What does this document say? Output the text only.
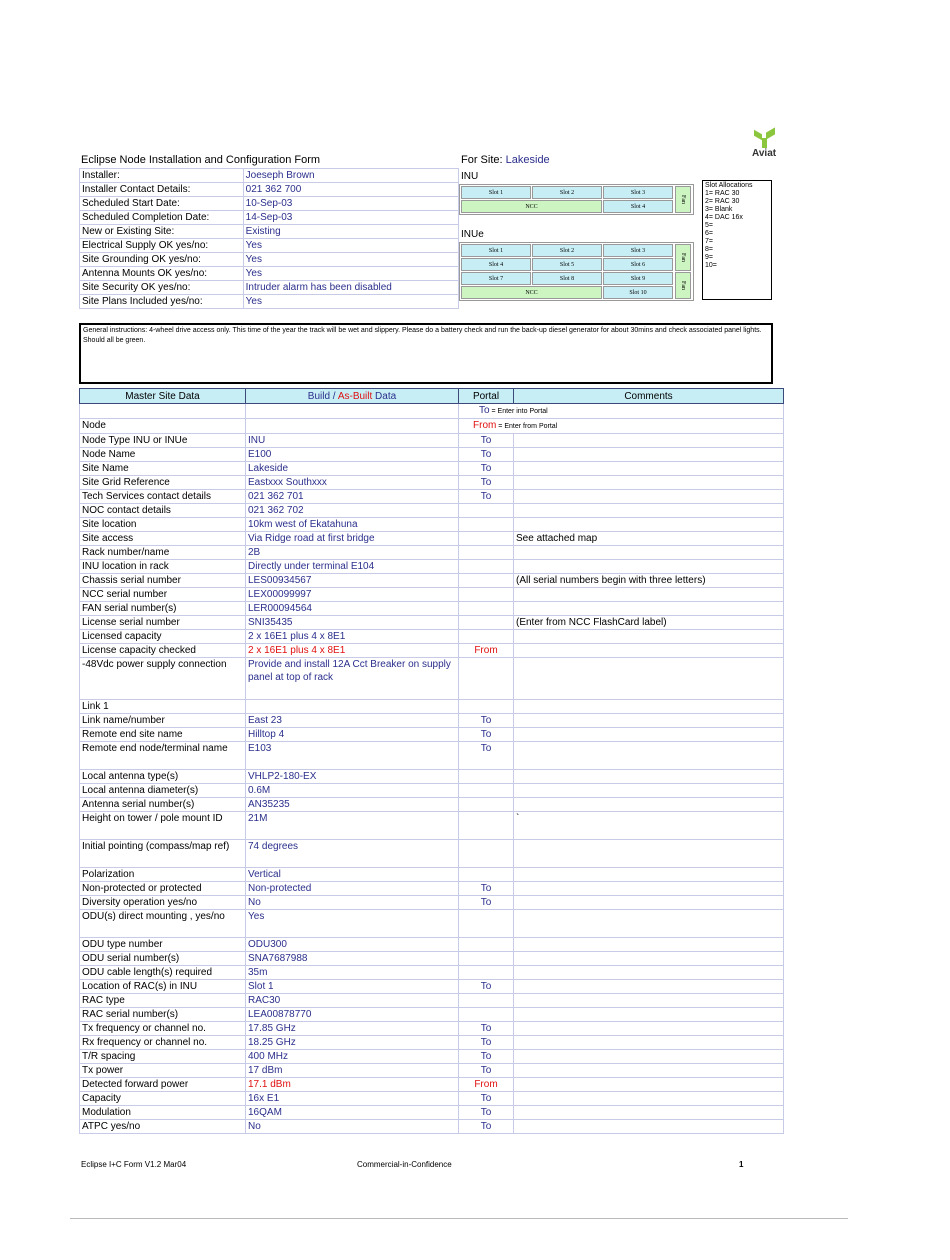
Aviat
Eclipse Node Installation and Configuration Form	For Site: Lakeside
Installer:	Joeseph Brown
Installer Contact Details:	021 362 700
Scheduled Start Date:	10-Sep-03
Scheduled Completion Date:	14-Sep-03
New or Existing Site:	Existing
Electrical Supply OK yes/no:	Yes
Site Grounding OK yes/no:	Yes
Antenna Mounts OK yes/no:	Yes
Site Security OK yes/no:	Intruder alarm has been disabled
Site Plans Included yes/no:	Yes
INU
Slot 1	Slot 2	Slot 3
NCC	Slot 4
Fan
INUe
Slot 1	Slot 2	Slot 3
Slot 4	Slot 5	Slot 6
Slot 7	Slot 8	Slot 9
NCC	Slot 10
Fan
Fan
Slot Allocations
1= RAC 30
2= RAC 30
3= Blank
4= DAC 16x
5=
6=
7=
8=
9=
10=
General instructions: 4-wheel drive access only. This time of the year the track will be wet and slippery. Please do a battery check and run the back-up diesel generator for about 30mins and check associated panel lights. Should all be green.
Master Site Data	Build / As-Built Data	Portal	Comments
		To = Enter into Portal	
Node		From = Enter from Portal	
Node Type INU or INUe	INU	To	
Node Name	E100	To	
Site Name	Lakeside	To	
Site Grid Reference	Eastxxx Southxxx	To	
Tech Services contact details	021 362 701	To	
NOC contact details	021 362 702		
Site location	10km west of Ekatahuna		
Site access	Via Ridge road at first bridge		See attached map
Rack number/name	2B		
INU location in rack	Directly under terminal E104		
Chassis serial number	LES00934567		(All serial numbers begin with three letters)
NCC serial number	LEX00099997		
FAN serial number(s)	LER00094564		
License serial number	SNI35435		(Enter from NCC FlashCard label)
Licensed capacity	2 x 16E1 plus 4 x 8E1		
License capacity checked	2 x 16E1 plus 4 x 8E1	From	
-48Vdc power supply connection	Provide and install 12A Cct Breaker on supply panel at top of rack		
Link 1			
Link name/number	East 23	To	
Remote end site name	Hilltop 4	To	
Remote end node/terminal name	E103	To	
Local antenna type(s)	VHLP2-180-EX		
Local antenna diameter(s)	0.6M		
Antenna serial number(s)	AN35235		
Height on tower / pole mount ID	21M		`
Initial pointing (compass/map ref)	74 degrees		
Polarization	Vertical		
Non-protected or protected	Non-protected	To	
Diversity operation yes/no	No	To	
ODU(s) direct mounting , yes/no	Yes		
ODU type number	ODU300		
ODU serial number(s)	SNA7687988		
ODU cable length(s) required	35m		
Location of RAC(s) in INU	Slot 1	To	
RAC type	RAC30		
RAC serial number(s)	LEA00878770		
Tx frequency or channel no.	17.85 GHz	To	
Rx frequency or channel no.	18.25 GHz	To	
T/R spacing	400 MHz	To	
Tx power	17 dBm	To	
Detected forward power	17.1 dBm	From	
Capacity	16x E1	To	
Modulation	16QAM	To	
ATPC yes/no	No	To	
Eclipse I+C Form V1.2 Mar04	Commercial-in-Confidence	1
